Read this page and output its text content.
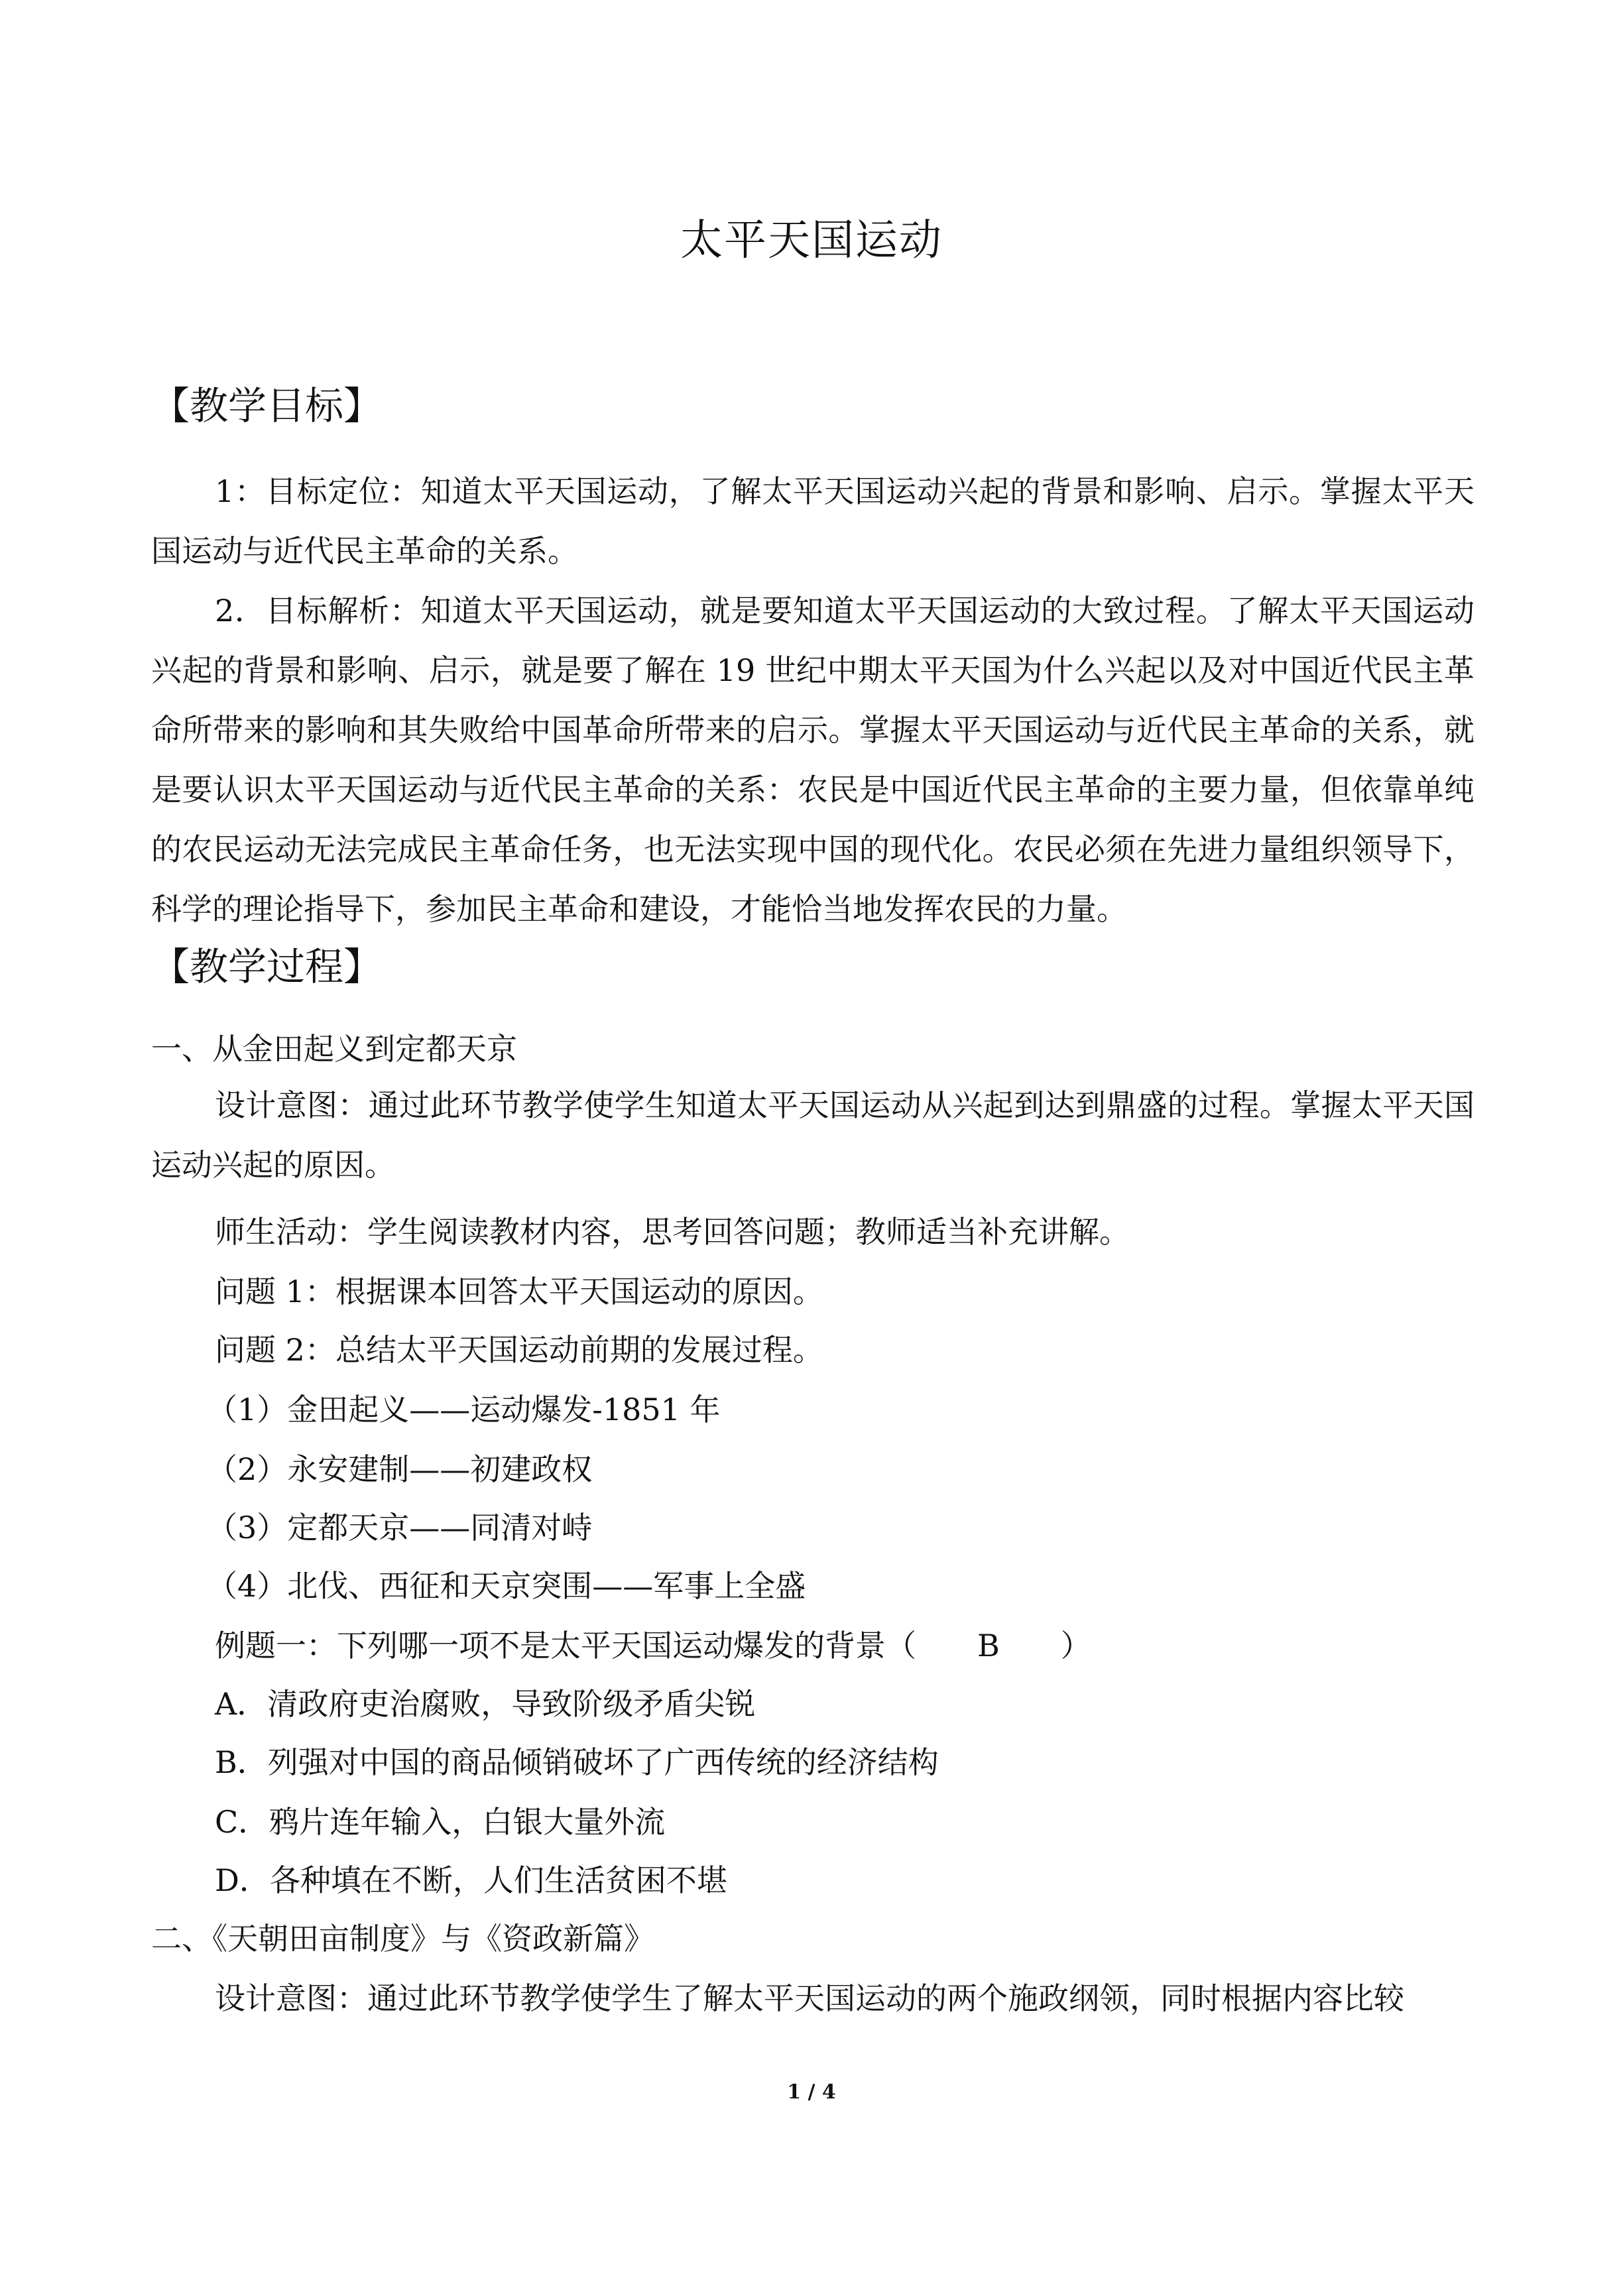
太平天国运动
【教学目标】

1：目标定位：知道太平天国运动，了解太平天国运动兴起的背景和影响、启示。掌握太平天国运动与近代民主革命的关系。

2．目标解析：知道太平天国运动，就是要知道太平天国运动的大致过程。了解太平天国运动兴起的背景和影响、启示，就是要了解在 19 世纪中期太平天国为什么兴起以及对中国近代民主革命所带来的影响和其失败给中国革命所带来的启示。掌握太平天国运动与近代民主革命的关系，就是要认识太平天国运动与近代民主革命的关系：农民是中国近代民主革命的主要力量，但依靠单纯的农民运动无法完成民主革命任务，也无法实现中国的现代化。农民必须在先进力量组织领导下，科学的理论指导下，参加民主革命和建设，才能恰当地发挥农民的力量。

【教学过程】
一、从金田起义到定都天京

设计意图：通过此环节教学使学生知道太平天国运动从兴起到达到鼎盛的过程。掌握太平天国运动兴起的原因。

师生活动：学生阅读教材内容，思考回答问题；教师适当补充讲解。
问题 1：根据课本回答太平天国运动的原因。
问题 2：总结太平天国运动前期的发展过程。
（1）金田起义——运动爆发-1851 年
（2）永安建制——初建政权
（3）定都天京——同清对峙
（4）北伐、西征和天京突围——军事上全盛
例题一：下列哪一项不是太平天国运动爆发的背景（　　B　　）
A．清政府吏治腐败，导致阶级矛盾尖锐
B．列强对中国的商品倾销破坏了广西传统的经济结构
C．鸦片连年输入，白银大量外流
D．各种填在不断，人们生活贫困不堪
二、《天朝田亩制度》与《资政新篇》
设计意图：通过此环节教学使学生了解太平天国运动的两个施政纲领，同时根据内容比较
1 / 4
